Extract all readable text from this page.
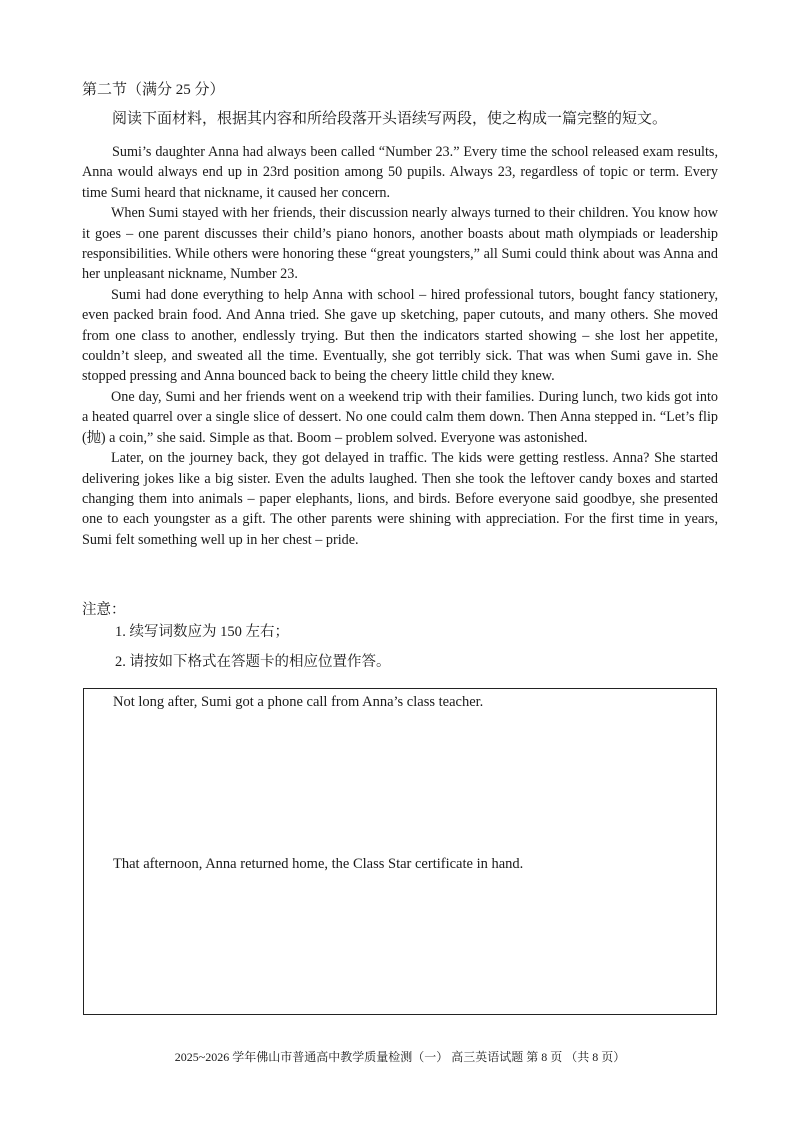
第二节（满分 25 分）
阅读下面材料，根据其内容和所给段落开头语续写两段，使之构成一篇完整的短文。

Sumi’s daughter Anna had always been called “Number 23.” Every time the school released exam results, Anna would always end up in 23rd position among 50 pupils. Always 23, regardless of topic or term. Every time Sumi heard that nickname, it caused her concern.

When Sumi stayed with her friends, their discussion nearly always turned to their children. You know how it goes – one parent discusses their child’s piano honors, another boasts about math olympiads or leadership responsibilities. While others were honoring these “great youngsters,” all Sumi could think about was Anna and her unpleasant nickname, Number 23.

Sumi had done everything to help Anna with school – hired professional tutors, bought fancy stationery, even packed brain food. And Anna tried. She gave up sketching, paper cutouts, and many others. She moved from one class to another, endlessly trying. But then the indicators started showing – she lost her appetite, couldn’t sleep, and sweated all the time. Eventually, she got terribly sick. That was when Sumi gave in. She stopped pressing and Anna bounced back to being the cheery little child they knew.

One day, Sumi and her friends went on a weekend trip with their families. During lunch, two kids got into a heated quarrel over a single slice of dessert. No one could calm them down. Then Anna stepped in. “Let’s flip (抛) a coin,” she said. Simple as that. Boom – problem solved. Everyone was astonished.

Later, on the journey back, they got delayed in traffic. The kids were getting restless. Anna? She started delivering jokes like a big sister. Even the adults laughed. Then she took the leftover candy boxes and started changing them into animals – paper elephants, lions, and birds. Before everyone said goodbye, she presented one to each youngster as a gift. The other parents were shining with appreciation. For the first time in years, Sumi felt something well up in her chest – pride.

注意：
1. 续写词数应为 150 左右；
2. 请按如下格式在答题卡的相应位置作答。
Not long after, Sumi got a phone call from Anna’s class teacher.
That afternoon, Anna returned home, the Class Star certificate in hand.
2025~2026 学年佛山市普通高中教学质量检测（一） 高三英语试题 第 8 页 （共 8 页）
